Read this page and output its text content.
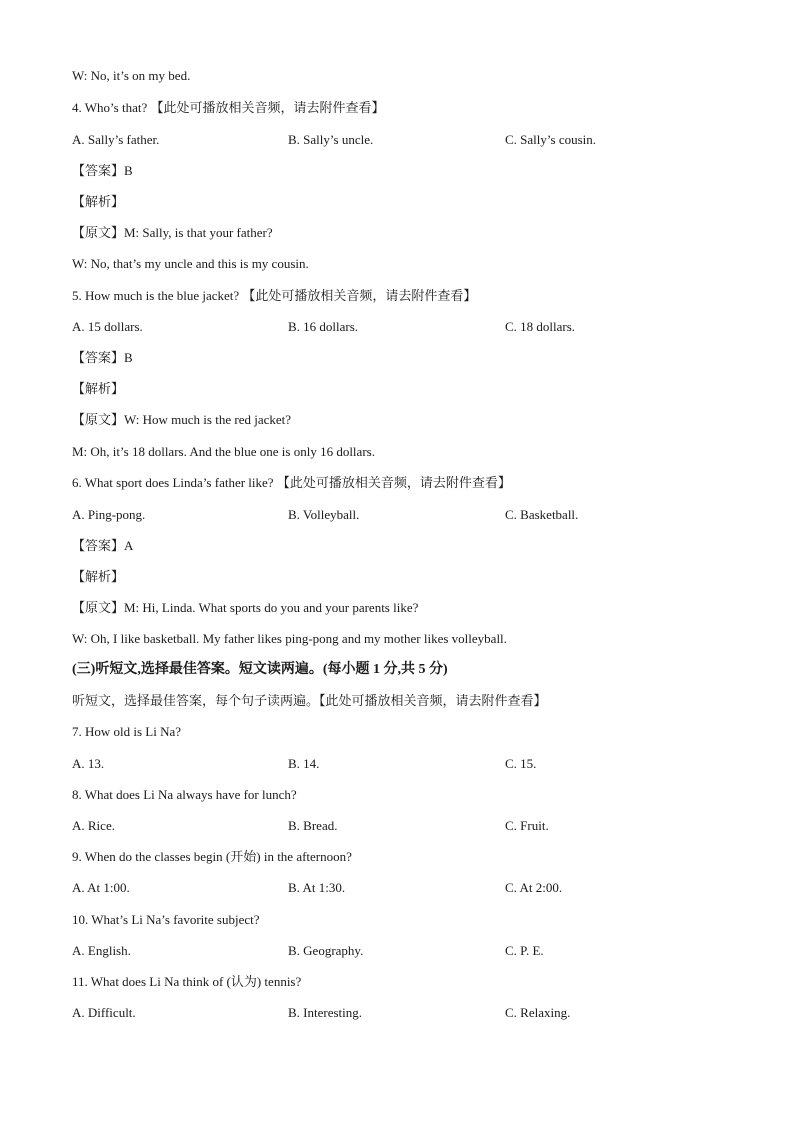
W: No, it’s on my bed.
4. Who’s that? 【此处可播放相关音频，请去附件查看】
A. Sally’s father.	B. Sally’s uncle.	C. Sally’s cousin.
【答案】B
【解析】
【原文】M: Sally, is that your father?
W: No, that’s my uncle and this is my cousin.
5. How much is the blue jacket? 【此处可播放相关音频，请去附件查看】
A. 15 dollars.	B. 16 dollars.	C. 18 dollars.
【答案】B
【解析】
【原文】W: How much is the red jacket?
M: Oh, it’s 18 dollars. And the blue one is only 16 dollars.
6. What sport does Linda’s father like? 【此处可播放相关音频，请去附件查看】
A. Ping-pong.	B. Volleyball.	C. Basketball.
【答案】A
【解析】
【原文】M: Hi, Linda. What sports do you and your parents like?
W: Oh, I like basketball. My father likes ping-pong and my mother likes volleyball.
(三)听短文,选择最佳答案。短文读两遍。(每小题 1 分,共 5 分)
听短文，选择最佳答案，每个句子读两遍。【此处可播放相关音频，请去附件查看】
7. How old is Li Na?
A. 13.	B. 14.	C. 15.
8. What does Li Na always have for lunch?
A. Rice.	B. Bread.	C. Fruit.
9. When do the classes begin (开始) in the afternoon?
A. At 1:00.	B. At 1:30.	C. At 2:00.
10. What’s Li Na’s favorite subject?
A. English.	B. Geography.	C. P. E.
11. What does Li Na think of (认为) tennis?
A. Difficult.	B. Interesting.	C. Relaxing.
